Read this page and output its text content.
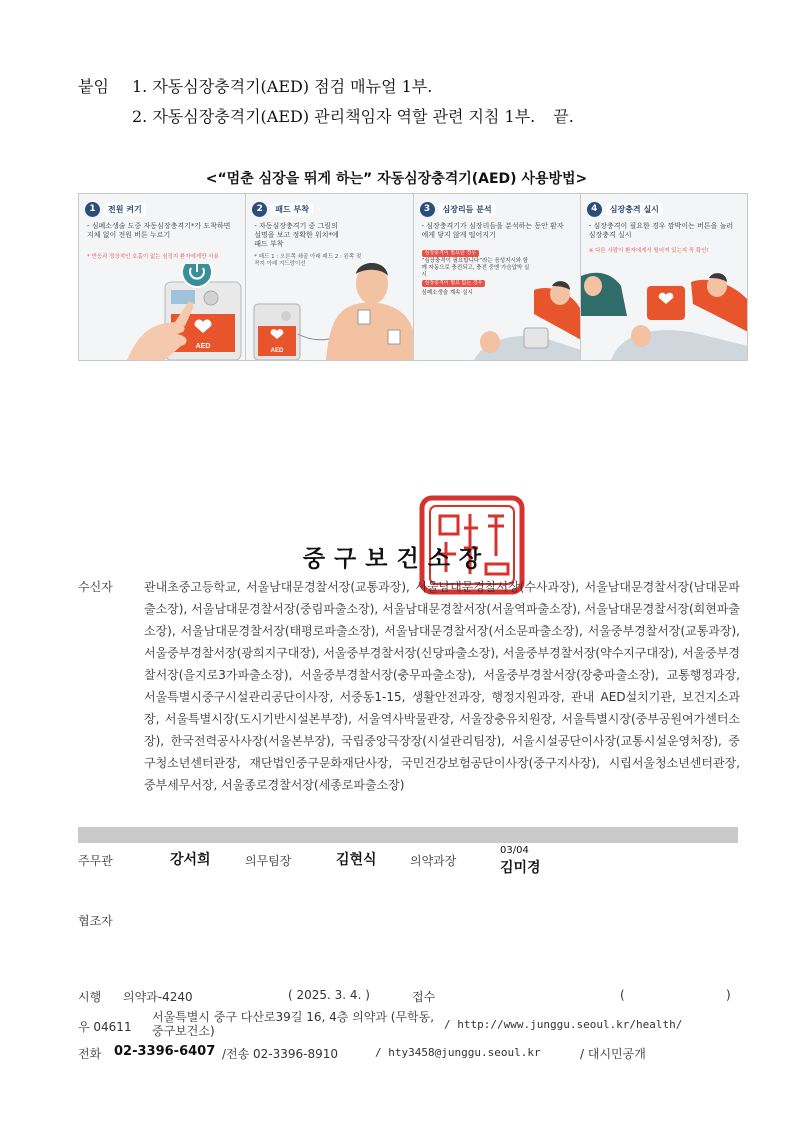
붙임	1. 자동심장충격기(AED) 점검 매뉴얼 1부.
2. 자동심장충격기(AED) 관리책임자 역할 관련 지침 1부. 끝.
<“멈춘 심장을 뛰게 하는” 자동심장충격기(AED) 사용방법>
1	전원 켜기
- 심폐소생술 도중 자동심장충격기*가 도착하면 지체 없이 전원 버튼 누르기
* 반응과 정상적인 호흡이 없는 심정지 환자에게만 사용
AED
2	패드 부착
- 자동심장충격기 중 그림의 설명을 보고 정확한 위치*에 패드 부착
* 패드 1 : 오른쪽 쇄골 아래 패드 2 : 왼쪽 젖꼭지 아래 겨드랑이선
AED
3	심장리듬 분석
- 심장충격기가 심장리듬을 분석하는 동안 환자에게 닿지 않게 떨어지기
심장충격이 필요한 경우
“심장충격이 필요합니다”라는 음성지시와 함께 자동으로 충전되고, 충전 중엔 가슴압박 실시
심장충격이 필요 없는 경우
심폐소생술 계속 실시
4	심장충격 실시
- 심장충격이 필요한 경우 깜박이는 버튼을 눌러 심장충격 실시
※ 다른 사람이 환자에게서 떨어져 있는지 꼭 확인!
중구보건소장
수신자	관내초중고등학교, 서울남대문경찰서장(교통과장), 서울남대문경찰서장(수사과장), 서울남대문경찰서장(남대문파출소장), 서울남대문경찰서장(중림파출소장), 서울남대문경찰서장(서울역파출소장), 서울남대문경찰서장(회현파출소장), 서울남대문경찰서장(태평로파출소장), 서울남대문경찰서장(서소문파출소장), 서울중부경찰서장(교통과장), 서울중부경찰서장(광희지구대장), 서울중부경찰서장(신당파출소장), 서울중부경찰서장(약수지구대장), 서울중부경찰서장(을지로3가파출소장), 서울중부경찰서장(충무파출소장), 서울중부경찰서장(장충파출소장), 교통행정과장, 서울특별시중구시설관리공단이사장, 서중동1-15, 생활안전과장, 행정지원과장, 관내 AED설치기관, 보건지소과장, 서울특별시장(도시기반시설본부장), 서울역사박물관장, 서울장충유치원장, 서울특별시장(중부공원여가센터소장), 한국전력공사사장(서울본부장), 국립중앙극장장(시설관리팀장), 서울시설공단이사장(교통시설운영처장), 중구청소년센터관장, 재단법인중구문화재단사장, 국민건강보험공단이사장(중구지사장), 시립서울청소년센터관장, 중부세무서장, 서울종로경찰서장(세종로파출소장)
주무관	강서희	의무팀장	김현식	의약과장
03/04
김미경
협조자
시행 의약과-4240	( 2025. 3. 4. )	접수	(	)
우 04611
서울특별시 중구 다산로39길 16, 4층 의약과 (무학동, 중구보건소)	/ http://www.junggu.seoul.kr/health/
전화 02-3396-6407 /전송 02-3396-8910	/ hty3458@junggu.seoul.kr	/ 대시민공개
